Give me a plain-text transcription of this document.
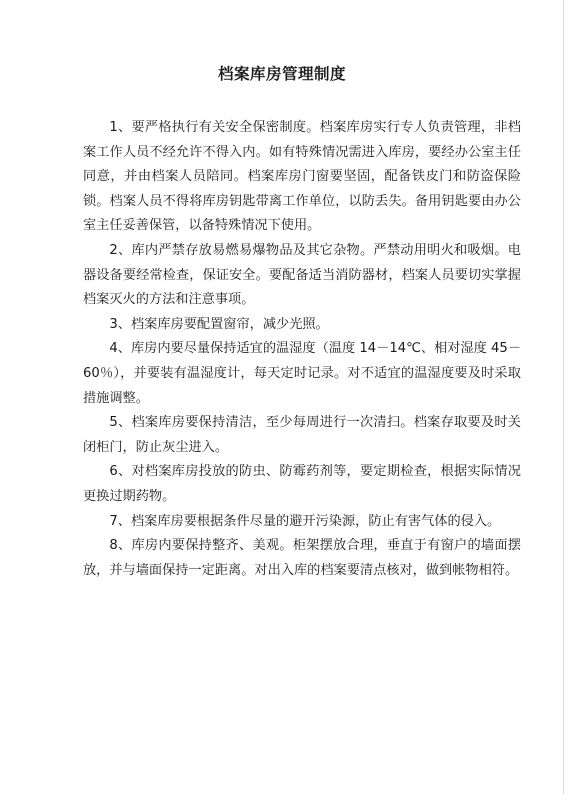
档案库房管理制度

1、要严格执行有关安全保密制度。档案库房实行专人负责管理，非档案工作人员不经允许不得入内。如有特殊情况需进入库房，要经办公室主任同意，并由档案人员陪同。档案库房门窗要坚固，配备铁皮门和防盗保险锁。档案人员不得将库房钥匙带离工作单位，以防丢失。备用钥匙要由办公室主任妥善保管，以备特殊情况下使用。

2、库内严禁存放易燃易爆物品及其它杂物。严禁动用明火和吸烟。电器设备要经常检查，保证安全。要配备适当消防器材，档案人员要切实掌握档案灭火的方法和注意事项。

3、档案库房要配置窗帘，减少光照。

4、库房内要尽量保持适宜的温湿度（温度 14－14℃、相对湿度 45－60％），并要装有温湿度计，每天定时记录。对不适宜的温湿度要及时采取措施调整。

5、档案库房要保持清洁，至少每周进行一次清扫。档案存取要及时关闭柜门，防止灰尘进入。

6、对档案库房投放的防虫、防霉药剂等，要定期检查，根据实际情况更换过期药物。

7、档案库房要根据条件尽量的避开污染源，防止有害气体的侵入。

8、库房内要保持整齐、美观。柜架摆放合理，垂直于有窗户的墙面摆放，并与墙面保持一定距离。对出入库的档案要清点核对，做到帐物相符。
